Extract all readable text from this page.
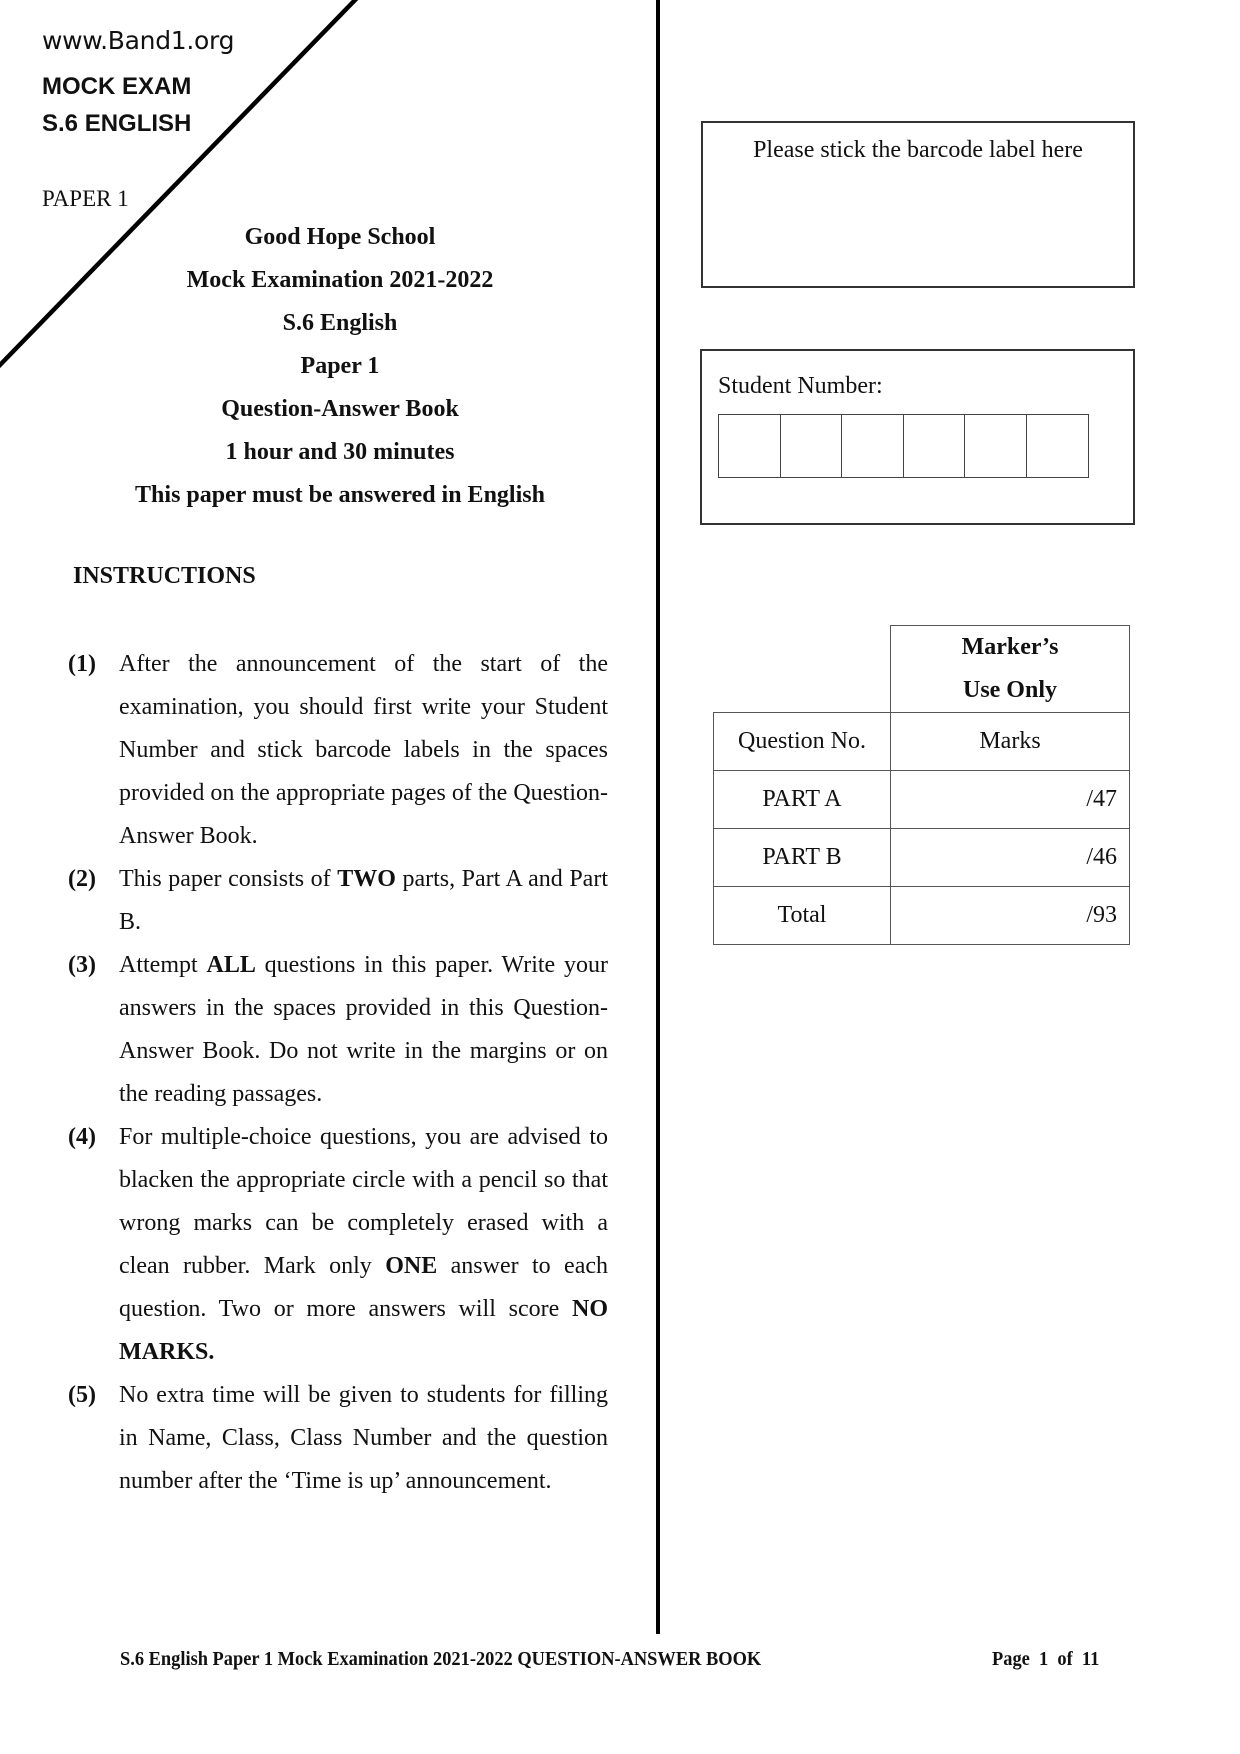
www.Band1.org
MOCK EXAM
S.6 ENGLISH
PAPER 1
Good Hope School
Mock Examination 2021-2022
S.6 English
Paper 1
Question-Answer Book
1 hour and 30 minutes
This paper must be answered in English
Please stick the barcode label here
Student Number:

	Marker’s
Use Only

Question No.	Marks
PART A	/47
PART B	/46
Total	/93
INSTRUCTIONS
(1) After the announcement of the start of the examination, you should first write your Student Number and stick barcode labels in the spaces provided on the appropriate pages of the Question-Answer Book.
(2) This paper consists of TWO parts, Part A and Part B.
(3) Attempt ALL questions in this paper. Write your answers in the spaces provided in this Question-Answer Book. Do not write in the margins or on the reading passages.
(4) For multiple-choice questions, you are advised to blacken the appropriate circle with a pencil so that wrong marks can be completely erased with a clean rubber. Mark only ONE answer to each question. Two or more answers will score NO MARKS.
(5) No extra time will be given to students for filling in Name, Class, Class Number and the question number after the ‘Time is up’ announcement.
S.6 English Paper 1 Mock Examination 2021-2022 QUESTION-ANSWER BOOK	Page  1  of  11
